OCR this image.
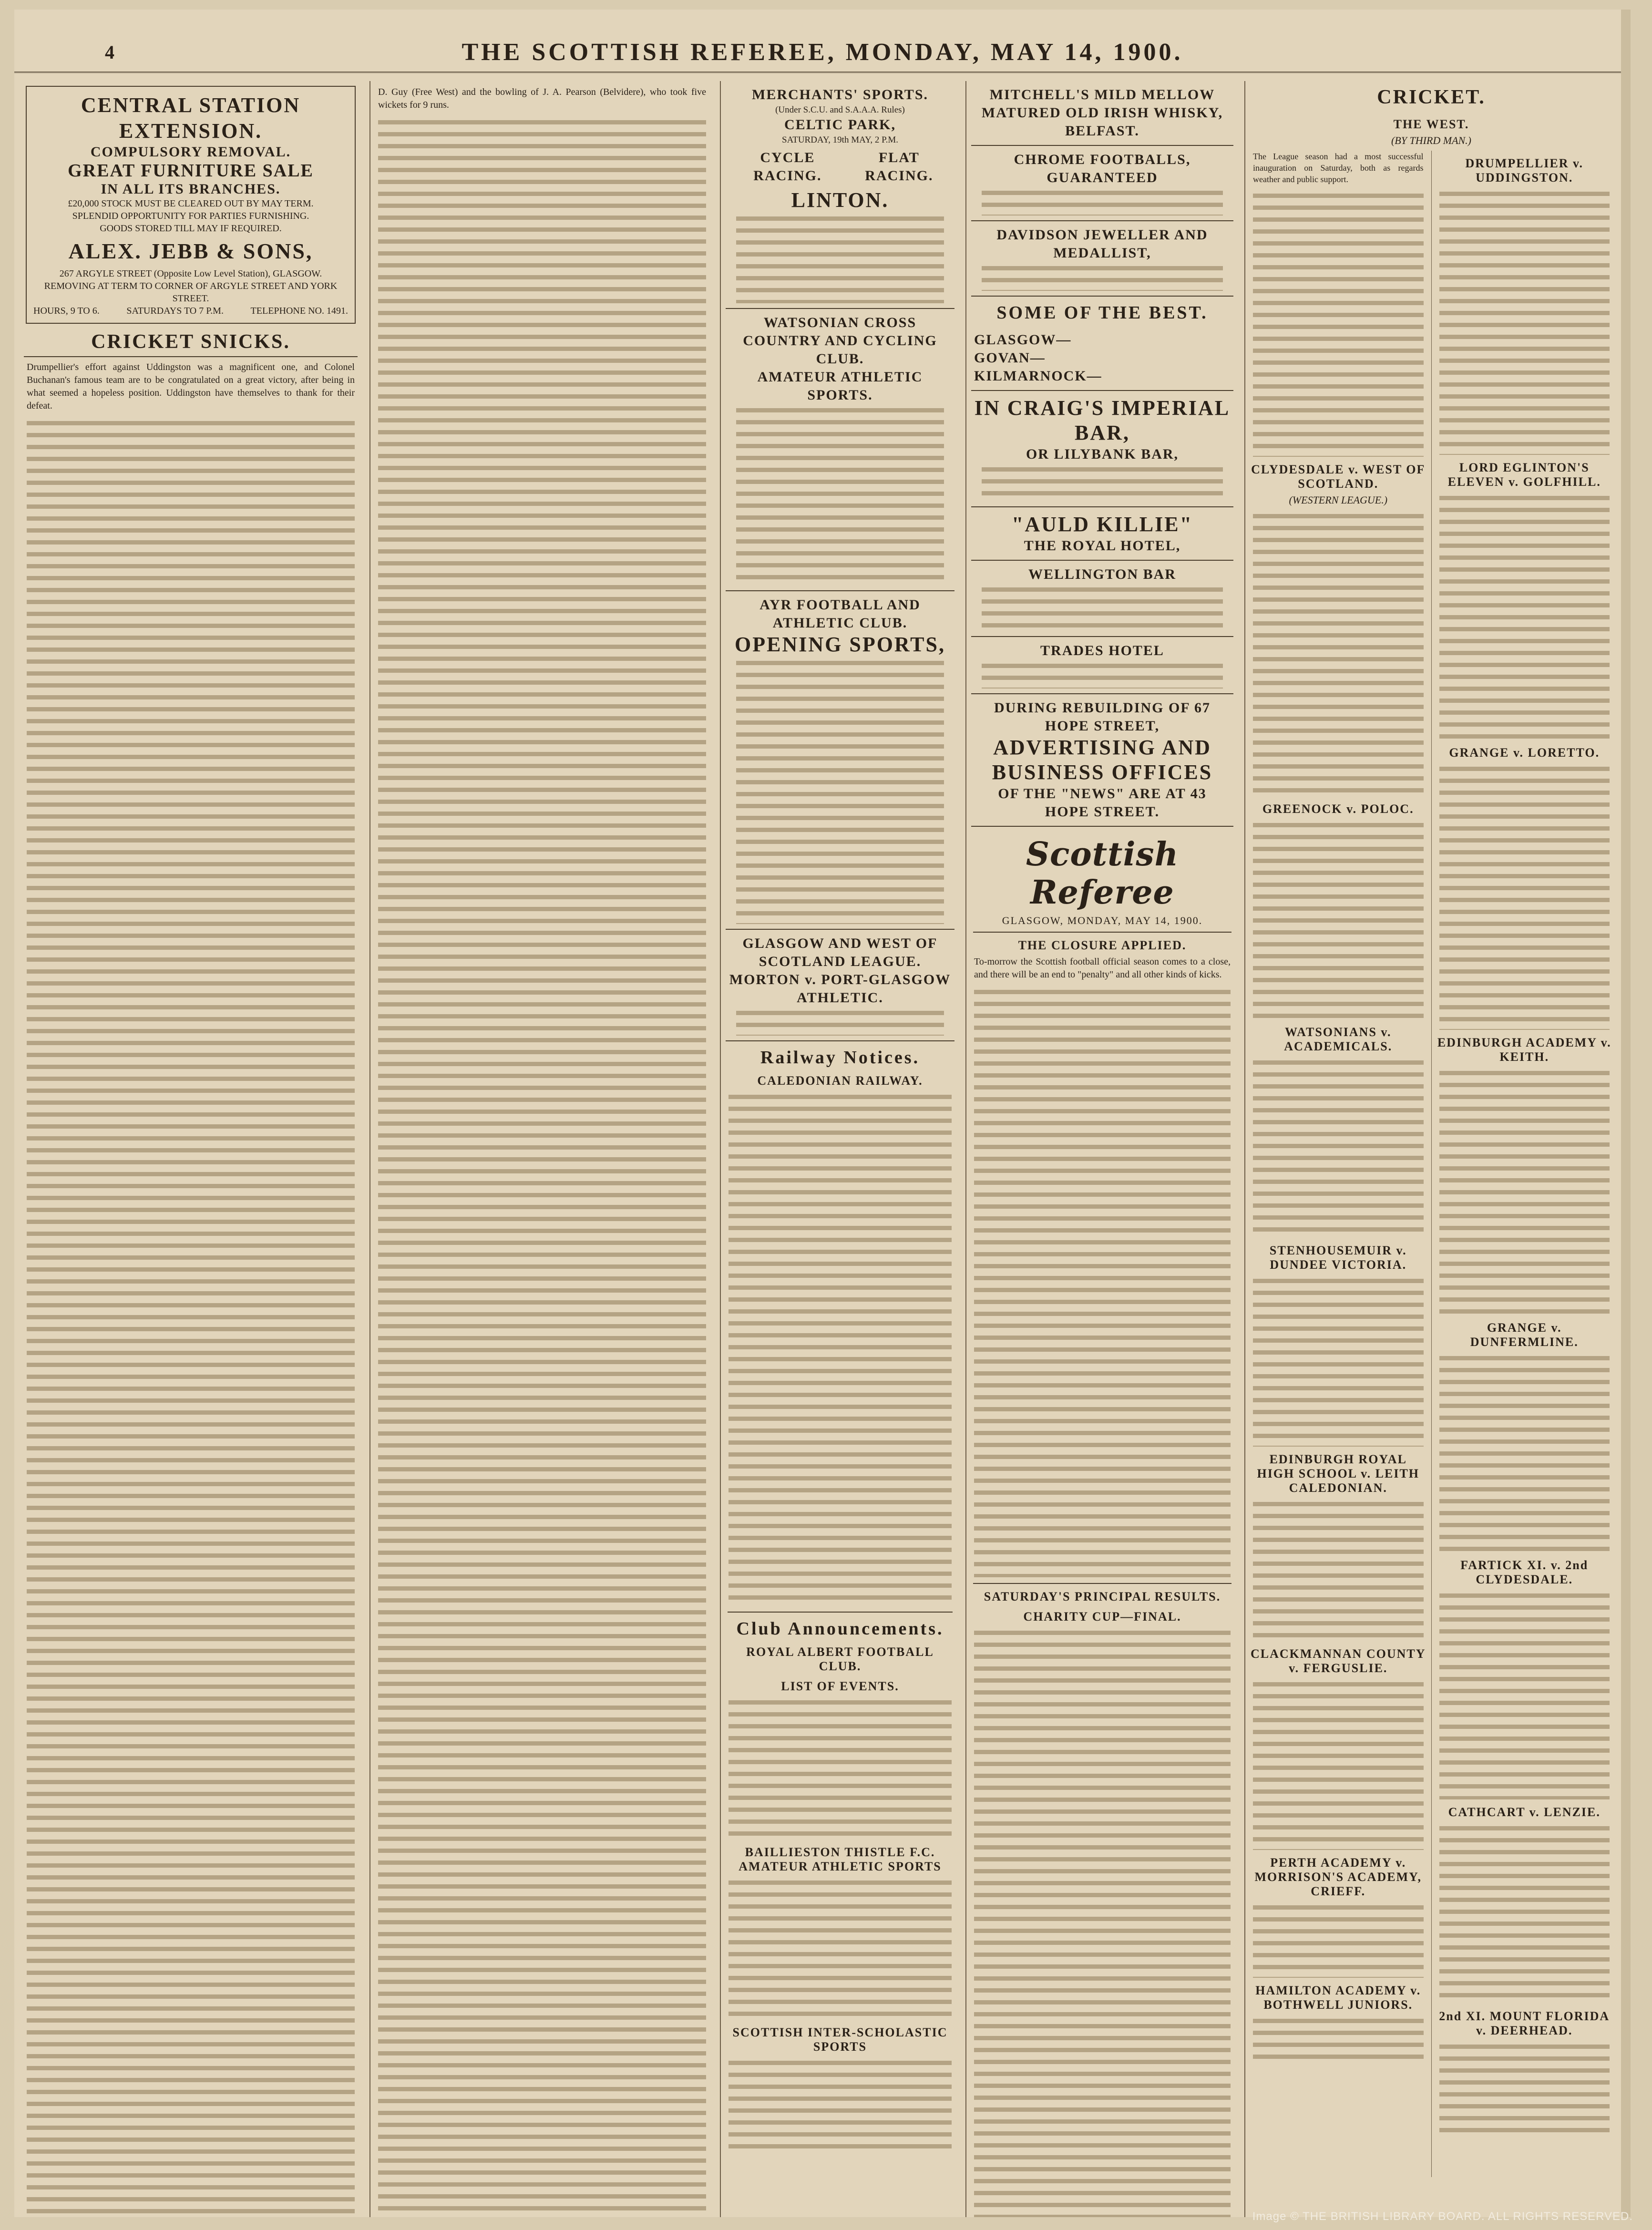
4	THE SCOTTISH REFEREE, MONDAY, MAY 14, 1900.
CENTRAL STATION EXTENSION.
COMPULSORY REMOVAL.
GREAT FURNITURE SALE
IN ALL ITS BRANCHES.
£20,000 STOCK MUST BE CLEARED OUT BY MAY TERM.
SPLENDID OPPORTUNITY FOR PARTIES FURNISHING.
GOODS STORED TILL MAY IF REQUIRED.
ALEX. JEBB & SONS,
267 ARGYLE STREET (Opposite Low Level Station), GLASGOW.
REMOVING AT TERM TO CORNER OF ARGYLE STREET AND YORK STREET.
HOURS, 9 TO 6.	SATURDAYS TO 7 P.M.	TELEPHONE NO. 1491.
CRICKET SNICKS.

Drumpellier's effort against Uddingston was a magnificent one, and Colonel Buchanan's famous team are to be congratulated on a great victory, after being in what seemed a hopeless position. Uddingston have themselves to thank for their defeat.

D. Guy (Free West) and the bowling of J. A. Pearson (Belvidere), who took five wickets for 9 runs.

MERCHANTS' SPORTS.
(Under S.C.U. and S.A.A.A. Rules)
CELTIC PARK,
SATURDAY, 19th MAY, 2 P.M.
CYCLE RACING.
FLAT RACING.
LINTON.
WATSONIAN CROSS COUNTRY AND CYCLING CLUB.
AMATEUR ATHLETIC SPORTS.
AYR FOOTBALL AND ATHLETIC CLUB.
OPENING SPORTS,
GLASGOW AND WEST OF SCOTLAND LEAGUE.
MORTON v. PORT-GLASGOW ATHLETIC.
Railway Notices.
CALEDONIAN RAILWAY.
Club Announcements.
ROYAL ALBERT FOOTBALL CLUB.
LIST OF EVENTS.
BAILLIESTON THISTLE F.C. AMATEUR ATHLETIC SPORTS
SCOTTISH INTER-SCHOLASTIC SPORTS
MITCHELL'S MILD MELLOW MATURED OLD IRISH WHISKY, BELFAST.
CHROME FOOTBALLS, GUARANTEED
DAVIDSON JEWELLER AND MEDALLIST,
SOME OF THE BEST.
GLASGOW—
GOVAN—
KILMARNOCK—
IN CRAIG'S IMPERIAL BAR,
OR LILYBANK BAR,
"AULD KILLIE"
THE ROYAL HOTEL,
WELLINGTON BAR
TRADES HOTEL
DURING REBUILDING OF 67 HOPE STREET,
ADVERTISING AND BUSINESS OFFICES
OF THE "NEWS" ARE AT 43 HOPE STREET.
Scottish Referee
GLASGOW, MONDAY, MAY 14, 1900.
THE CLOSURE APPLIED.

To-morrow the Scottish football official season comes to a close, and there will be an end to "penalty" and all other kinds of kicks.

SATURDAY'S PRINCIPAL RESULTS.
CHARITY CUP—FINAL.
CRICKET.
THE WEST.
(BY THIRD MAN.)

The League season had a most successful inauguration on Saturday, both as regards weather and public support.

CLYDESDALE v. WEST OF SCOTLAND.
(WESTERN LEAGUE.)
GREENOCK v. POLOC.
WATSONIANS v. ACADEMICALS.
STENHOUSEMUIR v. DUNDEE VICTORIA.
EDINBURGH ROYAL HIGH SCHOOL v. LEITH CALEDONIAN.
CLACKMANNAN COUNTY v. FERGUSLIE.
PERTH ACADEMY v. MORRISON'S ACADEMY, CRIEFF.
HAMILTON ACADEMY v. BOTHWELL JUNIORS.
DRUMPELLIER v. UDDINGSTON.
LORD EGLINTON'S ELEVEN v. GOLFHILL.
GRANGE v. LORETTO.
EDINBURGH ACADEMY v. KEITH.
GRANGE v. DUNFERMLINE.
FARTICK XI. v. 2nd CLYDESDALE.
CATHCART v. LENZIE.
2nd XI. MOUNT FLORIDA v. DEERHEAD.
Image © THE BRITISH LIBRARY BOARD. ALL RIGHTS RESERVED.
